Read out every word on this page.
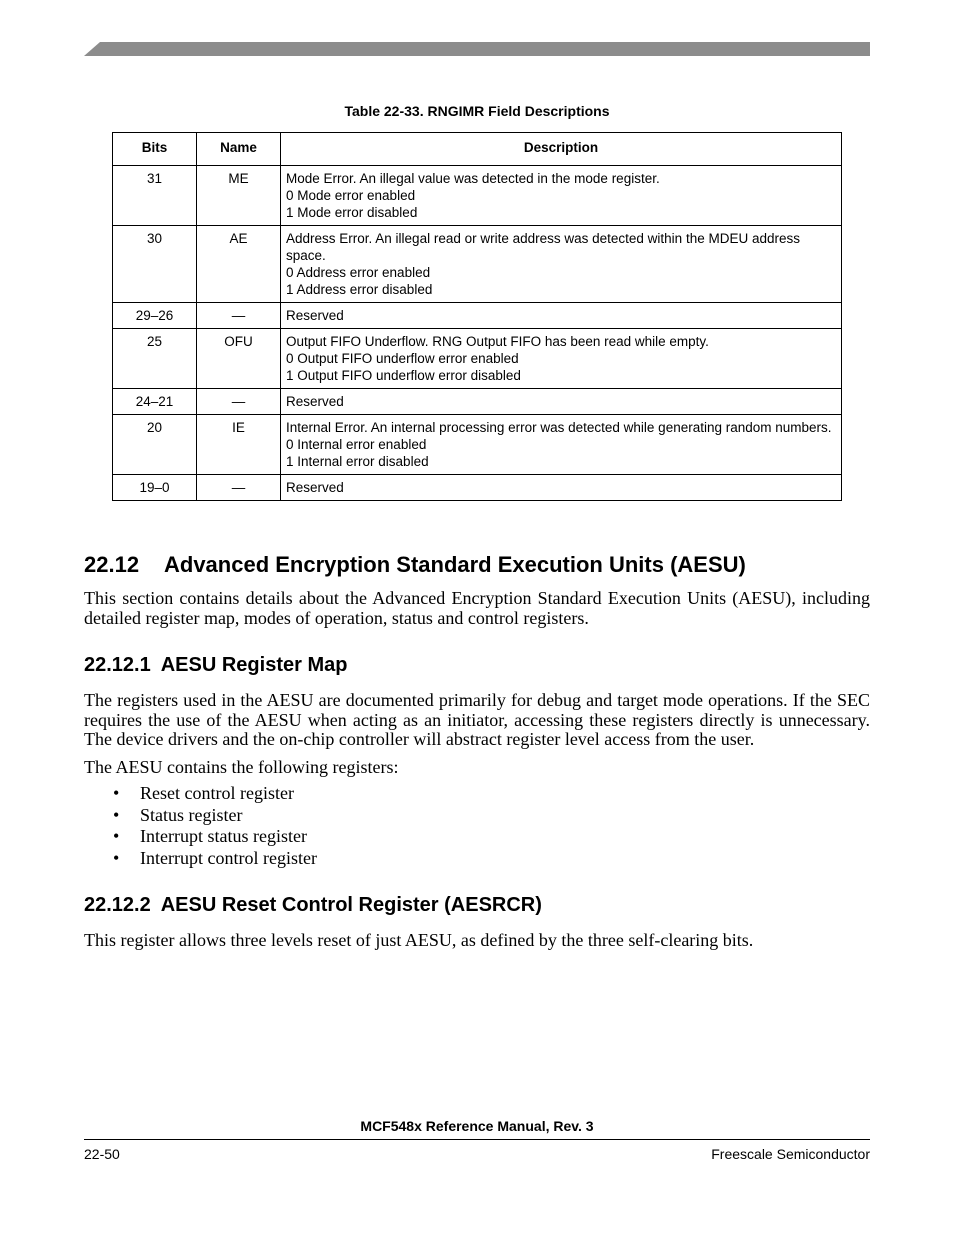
Table 22-33. RNGIMR Field Descriptions
Bits	Name	Description
31	ME	Mode Error. An illegal value was detected in the mode register.
0 Mode error enabled
1 Mode error disabled

30	AE	Address Error. An illegal read or write address was detected within the MDEU address space.
0 Address error enabled
1 Address error disabled

29–26	—	Reserved

25	OFU	Output FIFO Underflow. RNG Output FIFO has been read while empty.
0 Output FIFO underflow error enabled
1 Output FIFO underflow error disabled

24–21	—	Reserved

20	IE	Internal Error. An internal processing error was detected while generating random numbers.
0 Internal error enabled
1 Internal error disabled

19–0	—	Reserved
22.12 Advanced Encryption Standard Execution Units (AESU)
This section contains details about the Advanced Encryption Standard Execution Units (AESU), including detailed register map, modes of operation, status and control registers.
22.12.1 AESU Register Map
The registers used in the AESU are documented primarily for debug and target mode operations. If the SEC requires the use of the AESU when acting as an initiator, accessing these registers directly is unnecessary. The device drivers and the on-chip controller will abstract register level access from the user.
The AESU contains the following registers:
• Reset control register
• Status register
• Interrupt status register
• Interrupt control register
22.12.2 AESU Reset Control Register (AESRCR)
This register allows three levels reset of just AESU, as defined by the three self-clearing bits.
MCF548x Reference Manual, Rev. 3
22-50	Freescale Semiconductor
